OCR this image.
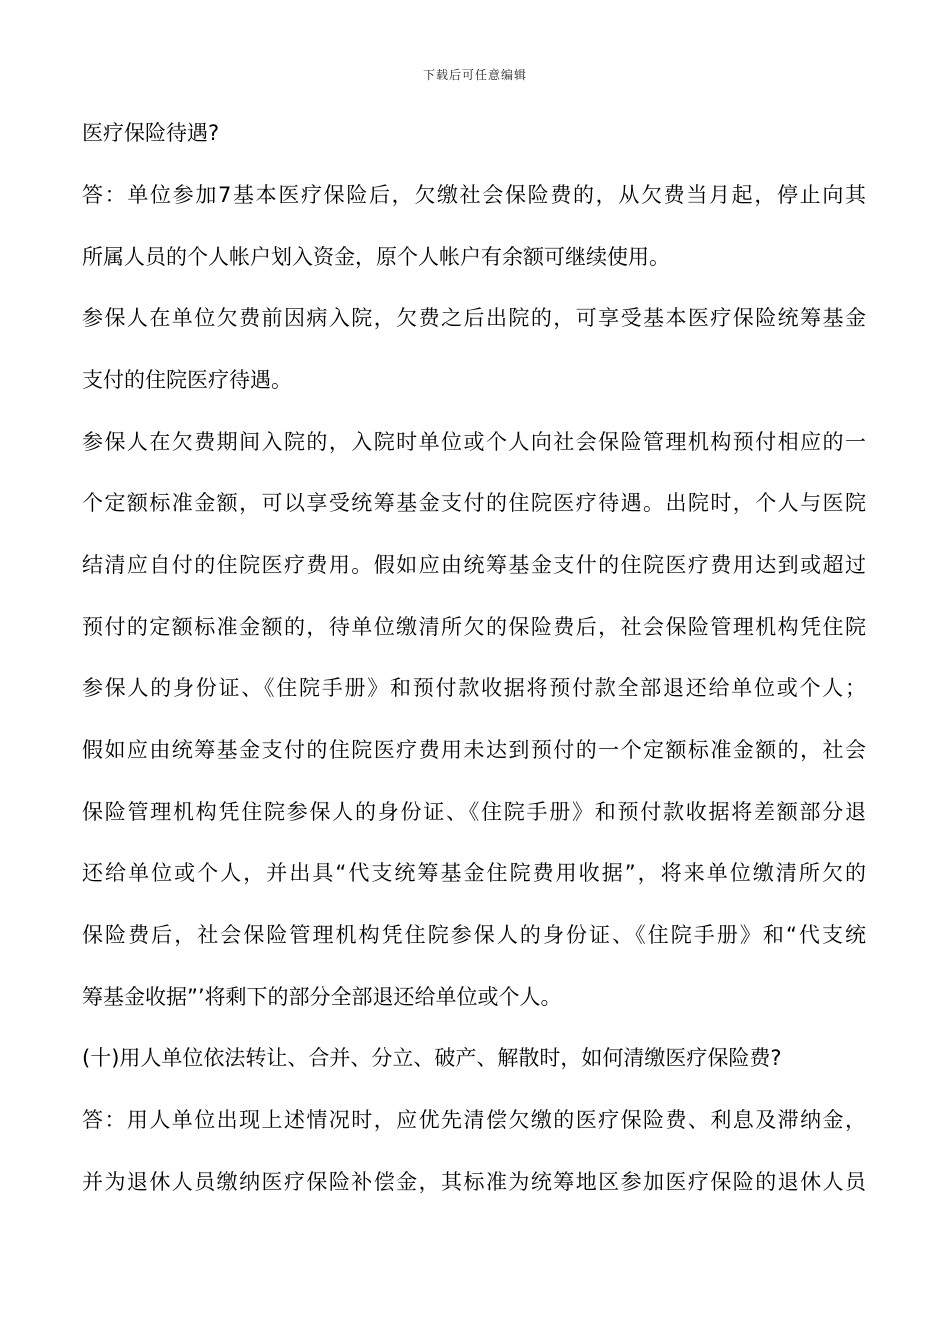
下载后可任意编辑
医疗保险待遇?
答：单位参加7基本医疗保险后，欠缴社会保险费的，从欠费当月起，停止向其
所属人员的个人帐户划入资金，原个人帐户有余额可继续使用。
参保人在单位欠费前因病入院，欠费之后出院的，可享受基本医疗保险统筹基金
支付的住院医疗待遇。
参保人在欠费期间入院的，入院时单位或个人向社会保险管理机构预付相应的一
个定额标准金额，可以享受统筹基金支付的住院医疗待遇。出院时，个人与医院
结清应自付的住院医疗费用。假如应由统筹基金支什的住院医疗费用达到或超过
预付的定额标准金额的，待单位缴清所欠的保险费后，社会保险管理机构凭住院
参保人的身份证、《住院手册》和预付款收据将预付款全部退还给单位或个人；
假如应由统筹基金支付的住院医疗费用未达到预付的一个定额标准金额的，社会
保险管理机构凭住院参保人的身份证、《住院手册》和预付款收据将差额部分退
还给单位或个人，并出具“代支统筹基金住院费用收据”，将来单位缴清所欠的
保险费后，社会保险管理机构凭住院参保人的身份证、《住院手册》和“代支统
筹基金收据”’将剩下的部分全部退还给单位或个人。
(十)用人单位依法转让、合并、分立、破产、解散时，如何清缴医疗保险费?
答：用人单位出现上述情况时，应优先清偿欠缴的医疗保险费、利息及滞纳金，
并为退休人员缴纳医疗保险补偿金，其标准为统筹地区参加医疗保险的退休人员
